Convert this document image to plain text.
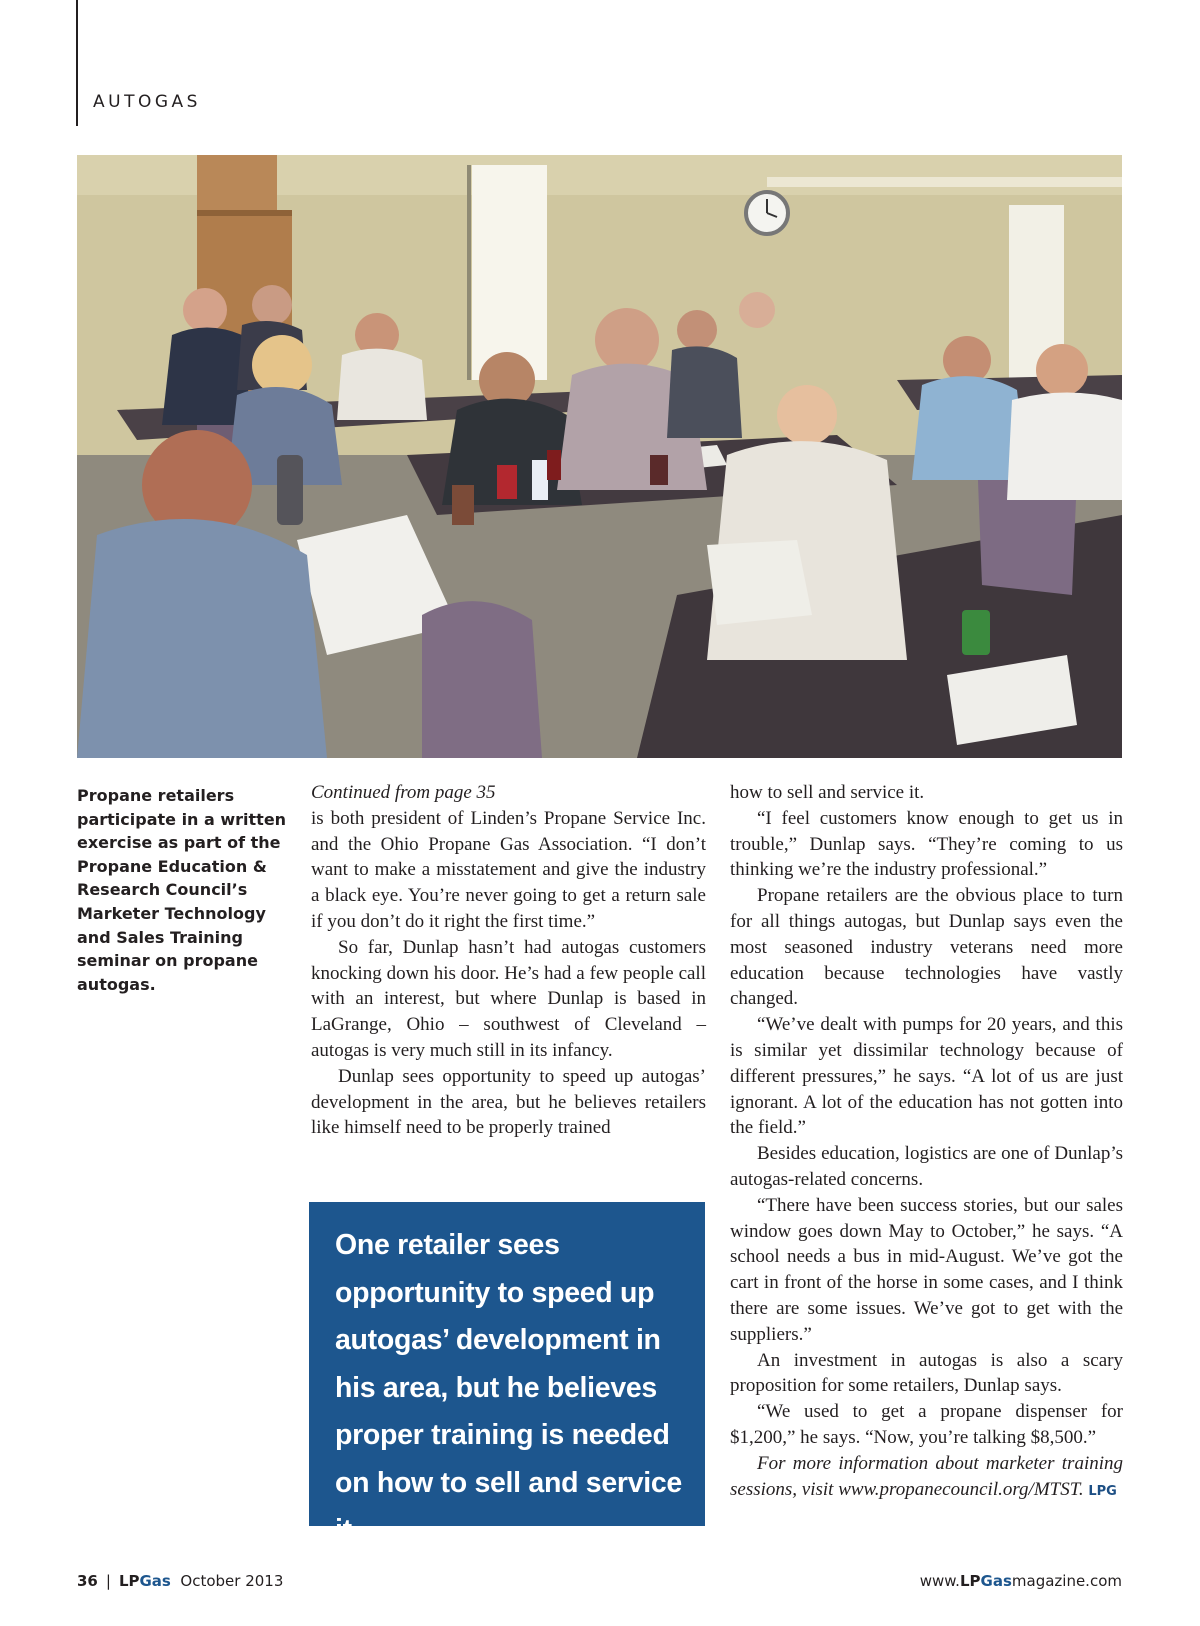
AUTOGAS
Propane retailers participate in a written exercise as part of the Propane Education & Research Council’s Marketer Technology and Sales Training seminar on propane autogas.

Continued from page 35

is both president of Linden’s Propane Service Inc. and the Ohio Propane Gas Association. “I don’t want to make a misstatement and give the industry a black eye. You’re never going to get a return sale if you don’t do it right the first time.”

So far, Dunlap hasn’t had autogas customers knocking down his door. He’s had a few people call with an interest, but where Dunlap is based in LaGrange, Ohio – southwest of Cleveland – autogas is very much still in its infancy.

Dunlap sees opportunity to speed up autogas’ development in the area, but he believes retailers like himself need to be properly trained

One retailer sees opportunity to speed up autogas’ development in his area, but he believes proper training is needed on how to sell and service it.

how to sell and service it.

“I feel customers know enough to get us in trouble,” Dunlap says. “They’re coming to us thinking we’re the industry professional.”

Propane retailers are the obvious place to turn for all things autogas, but Dunlap says even the most seasoned industry veterans need more education because technologies have vastly changed.

“We’ve dealt with pumps for 20 years, and this is similar yet dissimilar technology because of different pressures,” he says. “A lot of us are just ignorant. A lot of the education has not gotten into the field.”

Besides education, logistics are one of Dunlap’s autogas-related concerns.

“There have been success stories, but our sales window goes down May to October,” he says. “A school needs a bus in mid-August. We’ve got the cart in front of the horse in some cases, and I think there are some issues. We’ve got to get with the suppliers.”

An investment in autogas is also a scary proposition for some retailers, Dunlap says.

“We used to get a propane dispenser for $1,200,” he says. “Now, you’re talking $8,500.”

For more information about marketer training sessions, visit www.propanecouncil.org/MTST. LPG

36 | LPGas October 2013	www.LPGasmagazine.com
